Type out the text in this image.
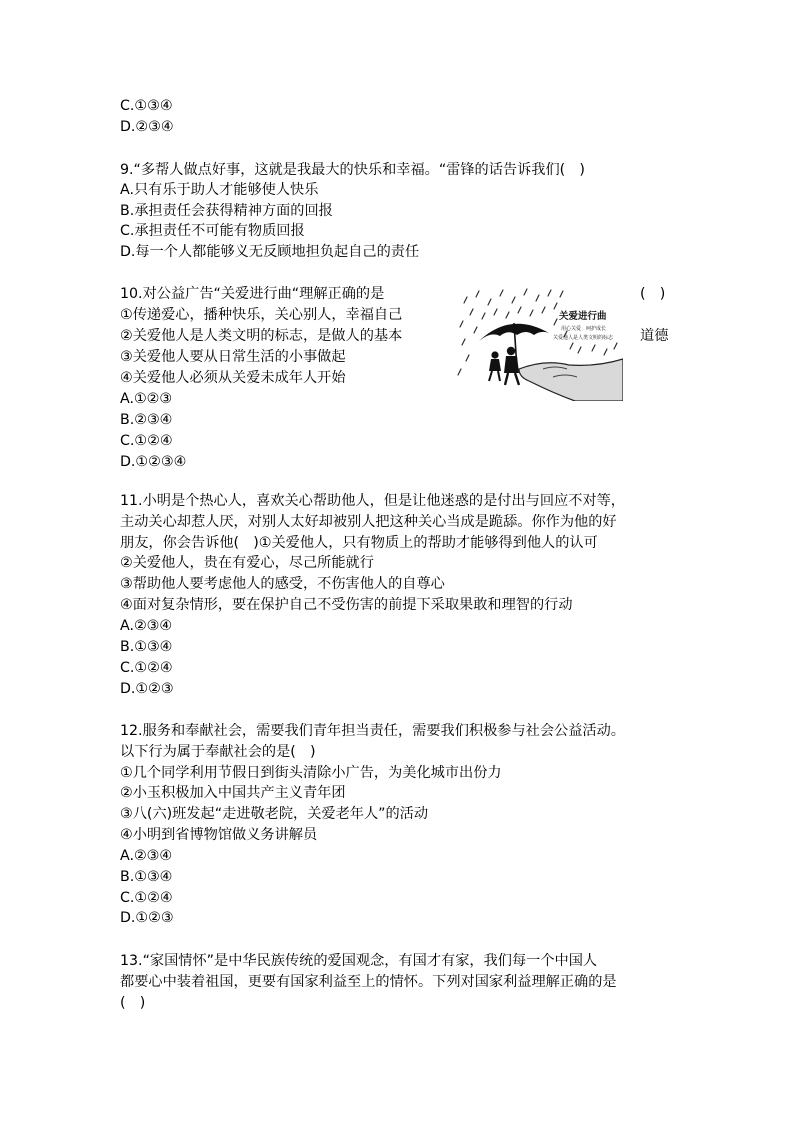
C.①③④
D.②③④
9.“多帮人做点好事，这就是我最大的快乐和幸福。“雷锋的话告诉我们(　)
A.只有乐于助人才能够使人快乐
B.承担责任会获得精神方面的回报
C.承担责任不可能有物质回报
D.每一个人都能够义无反顾地担负起自己的责任
10.对公益广告“关爱进行曲“理解正确的是	(　)
①传递爱心，播种快乐，关心别人，幸福自己
②关爱他人是人类文明的标志，是做人的基本	道德
③关爱他人要从日常生活的小事做起
④关爱他人必须从关爱未成年人开始
A.①②③
B.②③④
C.①②④
D.①②③④
关爱进行曲
用心关爱　呵护成长
关爱他人是人类文明的标志
11.小明是个热心人，喜欢关心帮助他人，但是让他迷惑的是付出与回应不对等，
主动关心却惹人厌，对别人太好却被别人把这种关心当成是跪舔。你作为他的好
朋友，你会告诉他(　)①关爱他人，只有物质上的帮助才能够得到他人的认可
②关爱他人，贵在有爱心，尽己所能就行
③帮助他人要考虑他人的感受，不伤害他人的自尊心
④面对复杂情形，要在保护自己不受伤害的前提下采取果敢和理智的行动
A.②③④
B.①③④
C.①②④
D.①②③
12.服务和奉献社会，需要我们青年担当责任，需要我们积极参与社会公益活动。
以下行为属于奉献社会的是(　)
①几个同学利用节假日到街头清除小广告，为美化城市出份力
②小玉积极加入中国共产主义青年团
③八(六)班发起“走进敬老院，关爱老年人”的活动
④小明到省博物馆做义务讲解员
A.②③④
B.①③④
C.①②④
D.①②③
13.“家国情怀”是中华民族传统的爱国观念，有国才有家，我们每一个中国人
都要心中装着祖国，更要有国家利益至上的情怀。下列对国家利益理解正确的是
(　)
